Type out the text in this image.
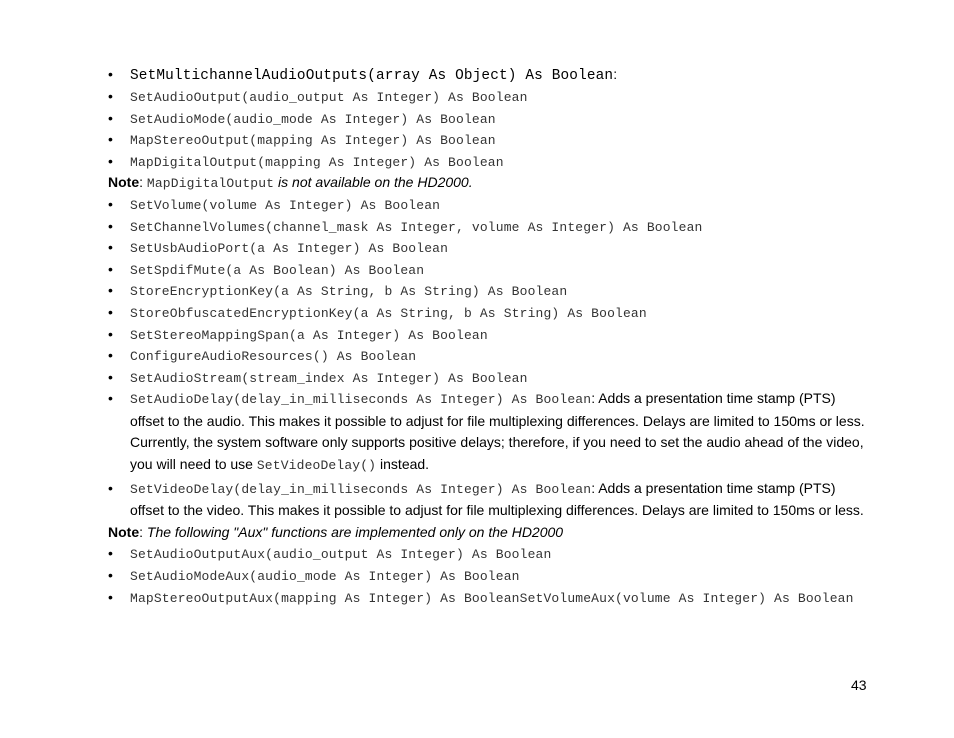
• SetMultichannelAudioOutputs(array As Object) As Boolean:
• SetAudioOutput(audio_output As Integer) As Boolean
• SetAudioMode(audio_mode As Integer) As Boolean
• MapStereoOutput(mapping As Integer) As Boolean
• MapDigitalOutput(mapping As Integer) As Boolean
Note: MapDigitalOutput is not available on the HD2000.
• SetVolume(volume As Integer) As Boolean
• SetChannelVolumes(channel_mask As Integer, volume As Integer) As Boolean
• SetUsbAudioPort(a As Integer) As Boolean
• SetSpdifMute(a As Boolean) As Boolean
• StoreEncryptionKey(a As String, b As String) As Boolean
• StoreObfuscatedEncryptionKey(a As String, b As String) As Boolean
• SetStereoMappingSpan(a As Integer) As Boolean
• ConfigureAudioResources() As Boolean
• SetAudioStream(stream_index As Integer) As Boolean
• SetAudioDelay(delay_in_milliseconds As Integer) As Boolean: Adds a presentation time stamp (PTS) offset to the audio. This makes it possible to adjust for file multiplexing differences. Delays are limited to 150ms or less. Currently, the system software only supports positive delays; therefore, if you need to set the audio ahead of the video, you will need to use SetVideoDelay() instead.
• SetVideoDelay(delay_in_milliseconds As Integer) As Boolean: Adds a presentation time stamp (PTS) offset to the video. This makes it possible to adjust for file multiplexing differences. Delays are limited to 150ms or less.
Note: The following "Aux" functions are implemented only on the HD2000
• SetAudioOutputAux(audio_output As Integer) As Boolean
• SetAudioModeAux(audio_mode As Integer) As Boolean
• MapStereoOutputAux(mapping As Integer) As BooleanSetVolumeAux(volume As Integer) As Boolean
43
